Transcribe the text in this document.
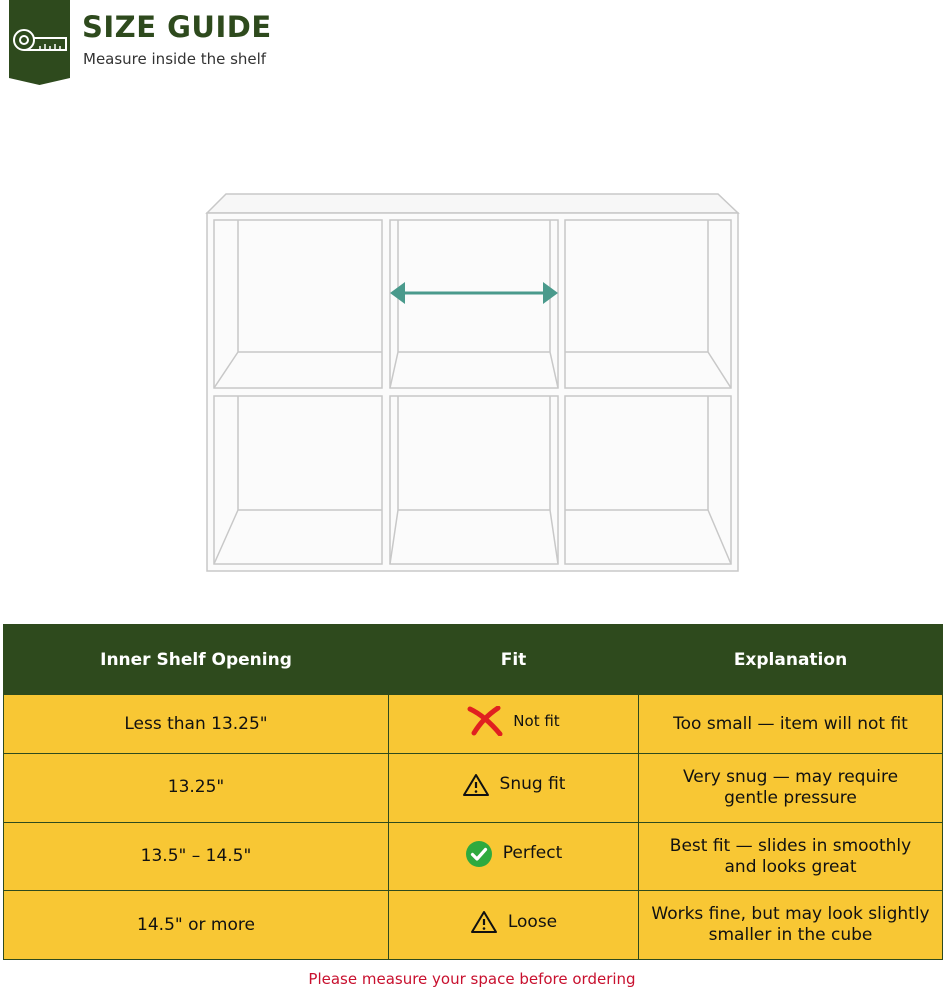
SIZE GUIDE
Measure inside the shelf
Inner Shelf Opening	Fit	Explanation
Less than 13.25"	Not fit	Too small — item will not fit
13.25"	Snug fit	Very snug — may require
gentle pressure
13.5" – 14.5"	Perfect	Best fit — slides in smoothly
and looks great
14.5" or more	Loose	Works fine, but may look slightly
smaller in the cube
Please measure your space before ordering
